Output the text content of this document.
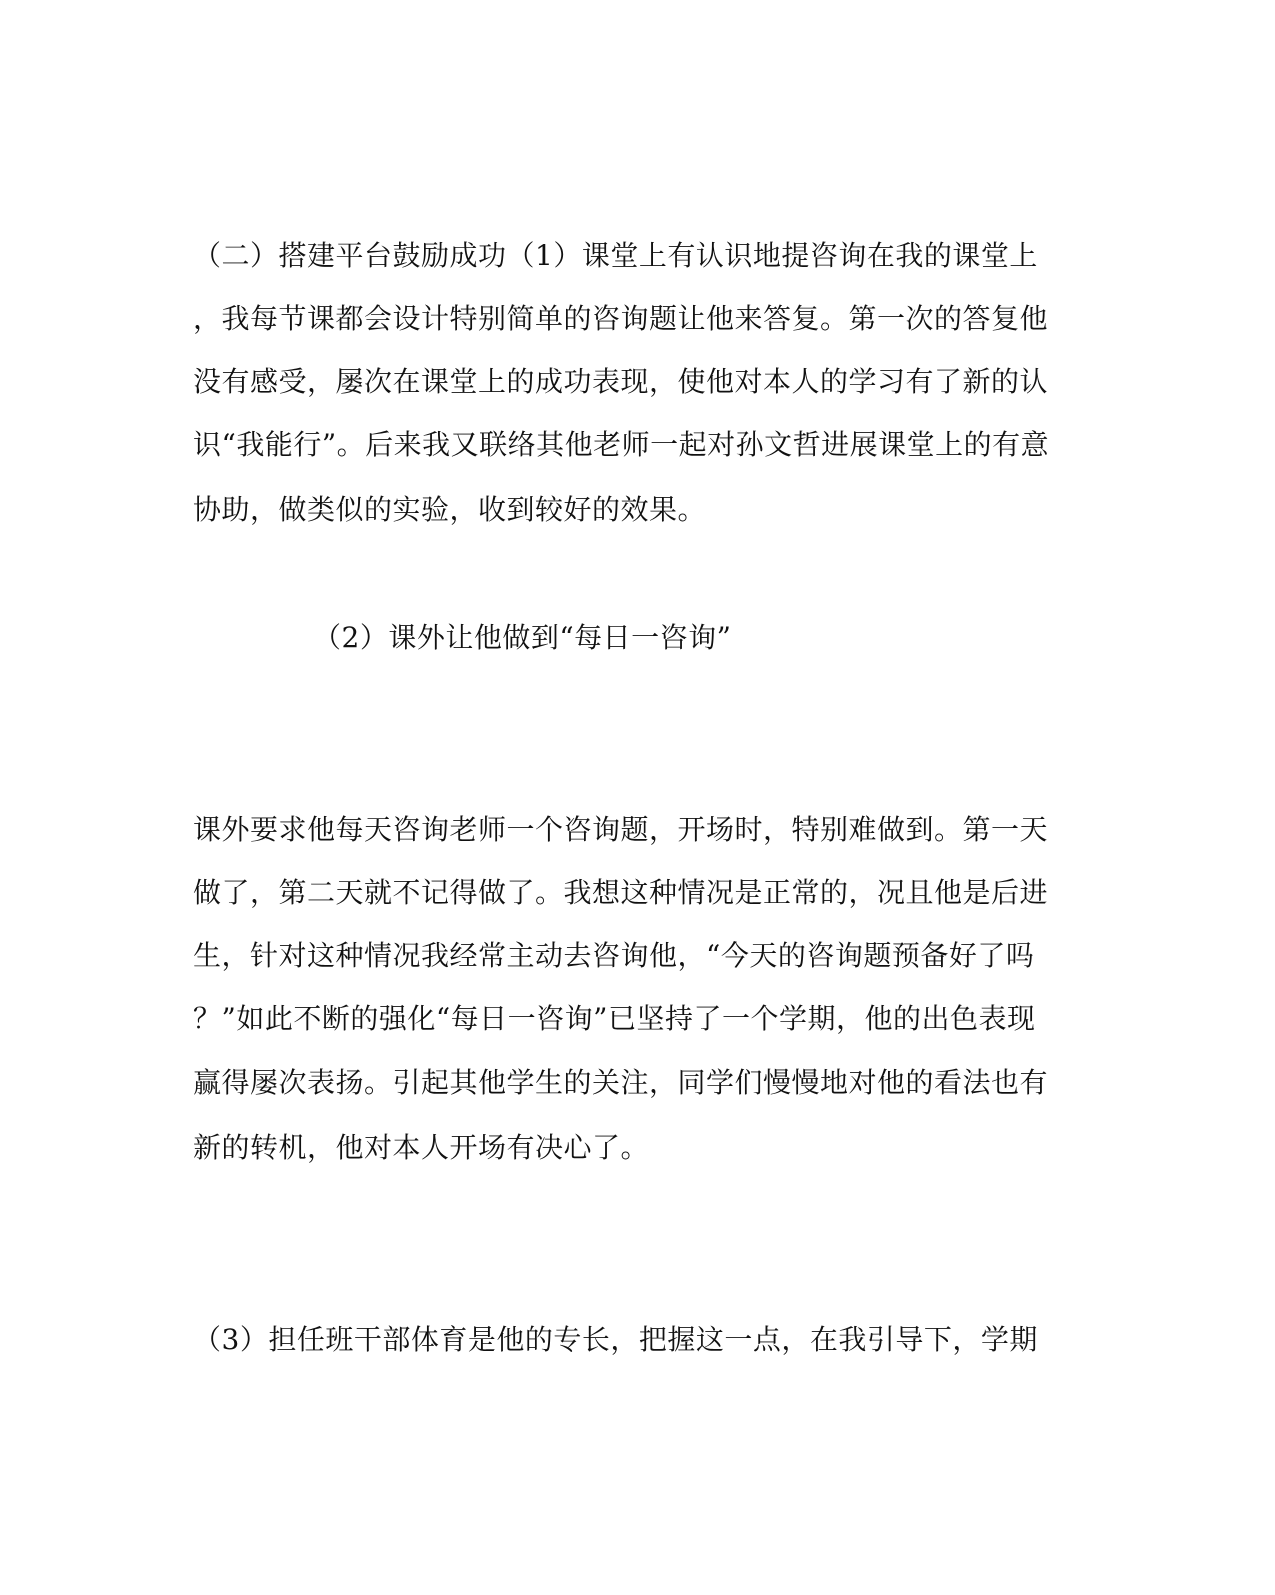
（二）搭建平台鼓励成功（1）课堂上有认识地提咨询在我的课堂上
，我每节课都会设计特别简单的咨询题让他来答复。第一次的答复他
没有感受，屡次在课堂上的成功表现，使他对本人的学习有了新的认
识“我能行”。后来我又联络其他老师一起对孙文哲进展课堂上的有意
协助，做类似的实验，收到较好的效果。
（2）课外让他做到“每日一咨询”
课外要求他每天咨询老师一个咨询题，开场时，特别难做到。第一天
做了，第二天就不记得做了。我想这种情况是正常的，况且他是后进
生，针对这种情况我经常主动去咨询他，“今天的咨询题预备好了吗
？”如此不断的强化“每日一咨询”已坚持了一个学期，他的出色表现
赢得屡次表扬。引起其他学生的关注，同学们慢慢地对他的看法也有
新的转机，他对本人开场有决心了。
（3）担任班干部体育是他的专长，把握这一点，在我引导下，学期
